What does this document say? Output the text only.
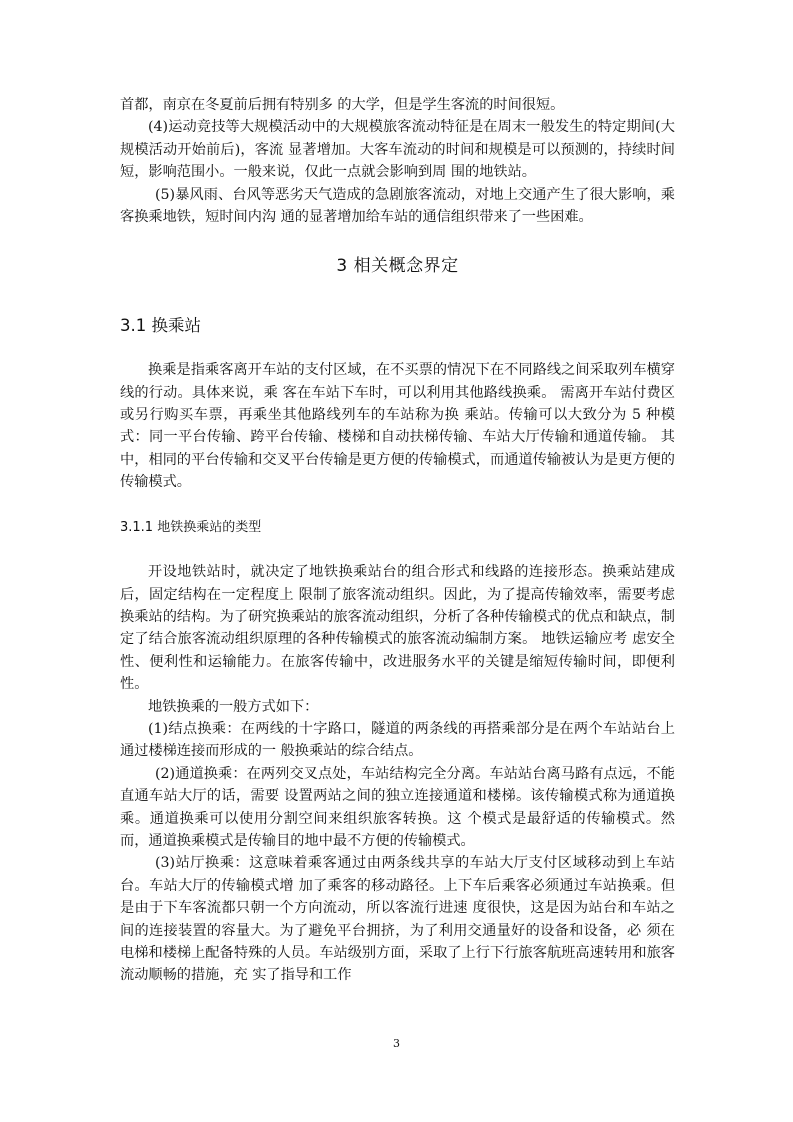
首都，南京在冬夏前后拥有特别多 的大学，但是学生客流的时间很短。

(4)运动竞技等大规模活动中的大规模旅客流动特征是在周末一般发生的特定期间(大规模活动开始前后)，客流 显著增加。大客车流动的时间和规模是可以预测的，持续时间短，影响范围小。一般来说，仅此一点就会影响到周 围的地铁站。

(5)暴风雨、台风等恶劣天气造成的急剧旅客流动，对地上交通产生了很大影响，乘客换乘地铁，短时间内沟 通的显著增加给车站的通信组织带来了一些困难。

3 相关概念界定

3.1 换乘站

换乘是指乘客离开车站的支付区域，在不买票的情况下在不同路线之间采取列车横穿线的行动。具体来说，乘 客在车站下车时，可以利用其他路线换乘。 需离开车站付费区或另行购买车票，再乘坐其他路线列车的车站称为换 乘站。传输可以大致分为 5 种模式：同一平台传输、跨平台传输、楼梯和自动扶梯传输、车站大厅传输和通道传输。 其中，相同的平台传输和交叉平台传输是更方便的传输模式，而通道传输被认为是更方便的传输模式。

3.1.1 地铁换乘站的类型

开设地铁站时，就决定了地铁换乘站台的组合形式和线路的连接形态。换乘站建成后，固定结构在一定程度上 限制了旅客流动组织。因此，为了提高传输效率，需要考虑换乘站的结构。为了研究换乘站的旅客流动组织，分析了各种传输模式的优点和缺点，制定了结合旅客流动组织原理的各种传输模式的旅客流动编制方案。 地铁运输应考 虑安全性、便利性和运输能力。在旅客传输中，改进服务水平的关键是缩短传输时间，即便利性。

地铁换乘的一般方式如下：

(1)结点换乘：在两线的十字路口，隧道的两条线的再搭乘部分是在两个车站站台上通过楼梯连接而形成的一 般换乘站的综合结点。

(2)通道换乘：在两列交叉点处，车站结构完全分离。车站站台离马路有点远，不能直通车站大厅的话，需要 设置两站之间的独立连接通道和楼梯。该传输模式称为通道换乘。通道换乘可以使用分割空间来组织旅客转换。这 个模式是最舒适的传输模式。然而，通道换乘模式是传输目的地中最不方便的传输模式。

(3)站厅换乘：这意味着乘客通过由两条线共享的车站大厅支付区域移动到上车站台。车站大厅的传输模式增 加了乘客的移动路径。上下车后乘客必须通过车站换乘。但是由于下车客流都只朝一个方向流动，所以客流行进速 度很快，这是因为站台和车站之间的连接装置的容量大。为了避免平台拥挤，为了利用交通量好的设备和设备，必 须在电梯和楼梯上配备特殊的人员。车站级别方面，采取了上行下行旅客航班高速转用和旅客流动顺畅的措施，充 实了指导和工作

3
